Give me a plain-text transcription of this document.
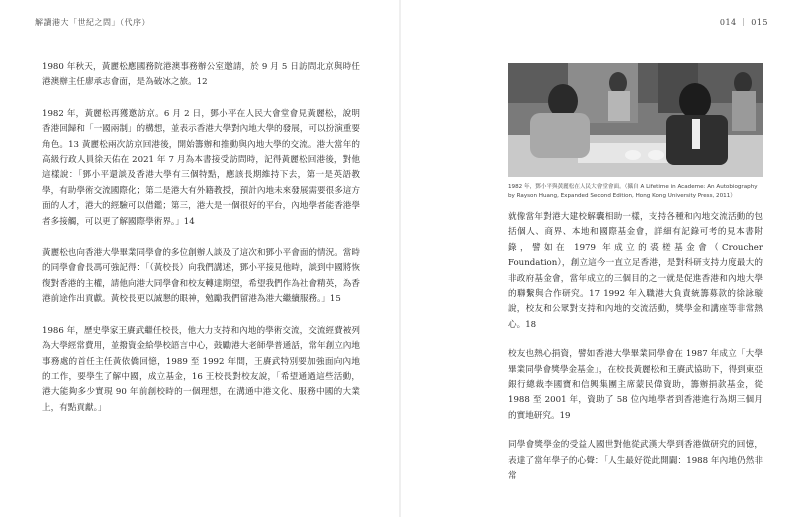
解讀港大「世紀之問」（代序）	014 ｜ 015

1980 年秋天，黃麗松應國務院港澳事務辦公室邀請，於 9 月 5 日訪問北京與時任港澳辦主任廖承志會面，是為破冰之旅。12

1982 年，黃麗松再獲邀訪京。6 月 2 日，鄧小平在人民大會堂會見黃麗松，說明香港回歸和「一國兩制」的構想，並表示香港大學對內地大學的發展，可以扮演重要角色。13 黃麗松兩次訪京回港後，開始籌辦和推動與內地大學的交流。港大當年的高級行政人員徐天佑在 2021 年 7 月為本書接受訪問時，記得黃麗松回港後，對他這樣說：「鄧小平還談及香港大學有三個特點，應該長期維持下去，第一是英語教學，有助學術交流國際化；第二是港大有外籍教授，預計內地未來發展需要很多這方面的人才，港大的經驗可以借鑑；第三，港大是一個很好的平台，內地學者能香港學者多接觸，可以更了解國際學術界。」14

黃麗松也向香港大學畢業同學會的多位創辦人談及了這次和鄧小平會面的情況。當時的同學會會長馮可強記得：「（黃校長）向我們講述，鄧小平接見他時，談到中國將恢復對香港的主權，請他向港大同學會和校友轉達期望，希望我們作為社會精英，為香港前途作出貢獻。黃校長更以誠懇的眼神，勉勵我們留港為港大繼續服務。」15

1986 年，歷史學家王賡武繼任校長，他大力支持和內地的學術交流，交流經費被列為大學經常費用，並撥資金給學校語言中心，鼓勵港大老師學普通話，常年創立內地事務處的首任主任黃依僑回憶，1989 至 1992 年間，王賡武特別要加強面向內地的工作，要學生了解中國，成立基金，16 王校長對校友說，「希望通過這些活動，港大能夠多少實現 90 年前創校時的一個理想，在溝通中港文化、服務中國的大業上，有點貢獻。」

1982 年，鄧小平與黃麗松在人民大會堂會面。（攝自 A Lifetime in Academe: An Autobiography by Rayson Huang, Expanded Second Edition, Hong Kong University Press, 2011）

就像當年對港大建校解囊相助一樣，支持各種和內地交流活動的包括個人、商界、本地和國際基金會，詳細有記錄可考的見本書附錄，譬如在 1979 年成立的裘槎基金會（Croucher Foundation），創立這今一直立足香港，是對科研支持力度最大的非政府基金會，當年成立的三個目的之一就是促進香港和內地大學的聯繫與合作研究。17 1992 年入職港大負責統籌募款的徐詠璇說，校友和公眾對支持和內地的交流活動，獎學金和講座等非常熱心。18

校友也熱心捐資，譬如香港大學畢業同學會在 1987 年成立「大學畢業同學會獎學金基金」，在校長黃麗松和王賡武協助下，得到東亞銀行總裁李國寶和信興集團主席蒙民偉資助，籌辦捐款基金，從 1988 至 2001 年，資助了 58 位內地學者到香港進行為期三個月的實地研究。19

同學會獎學金的受益人國世對他從武漢大學到香港做研究的回憶，表達了當年學子的心聲：「人生最好從此開闢：1988 年內地仍然非常
